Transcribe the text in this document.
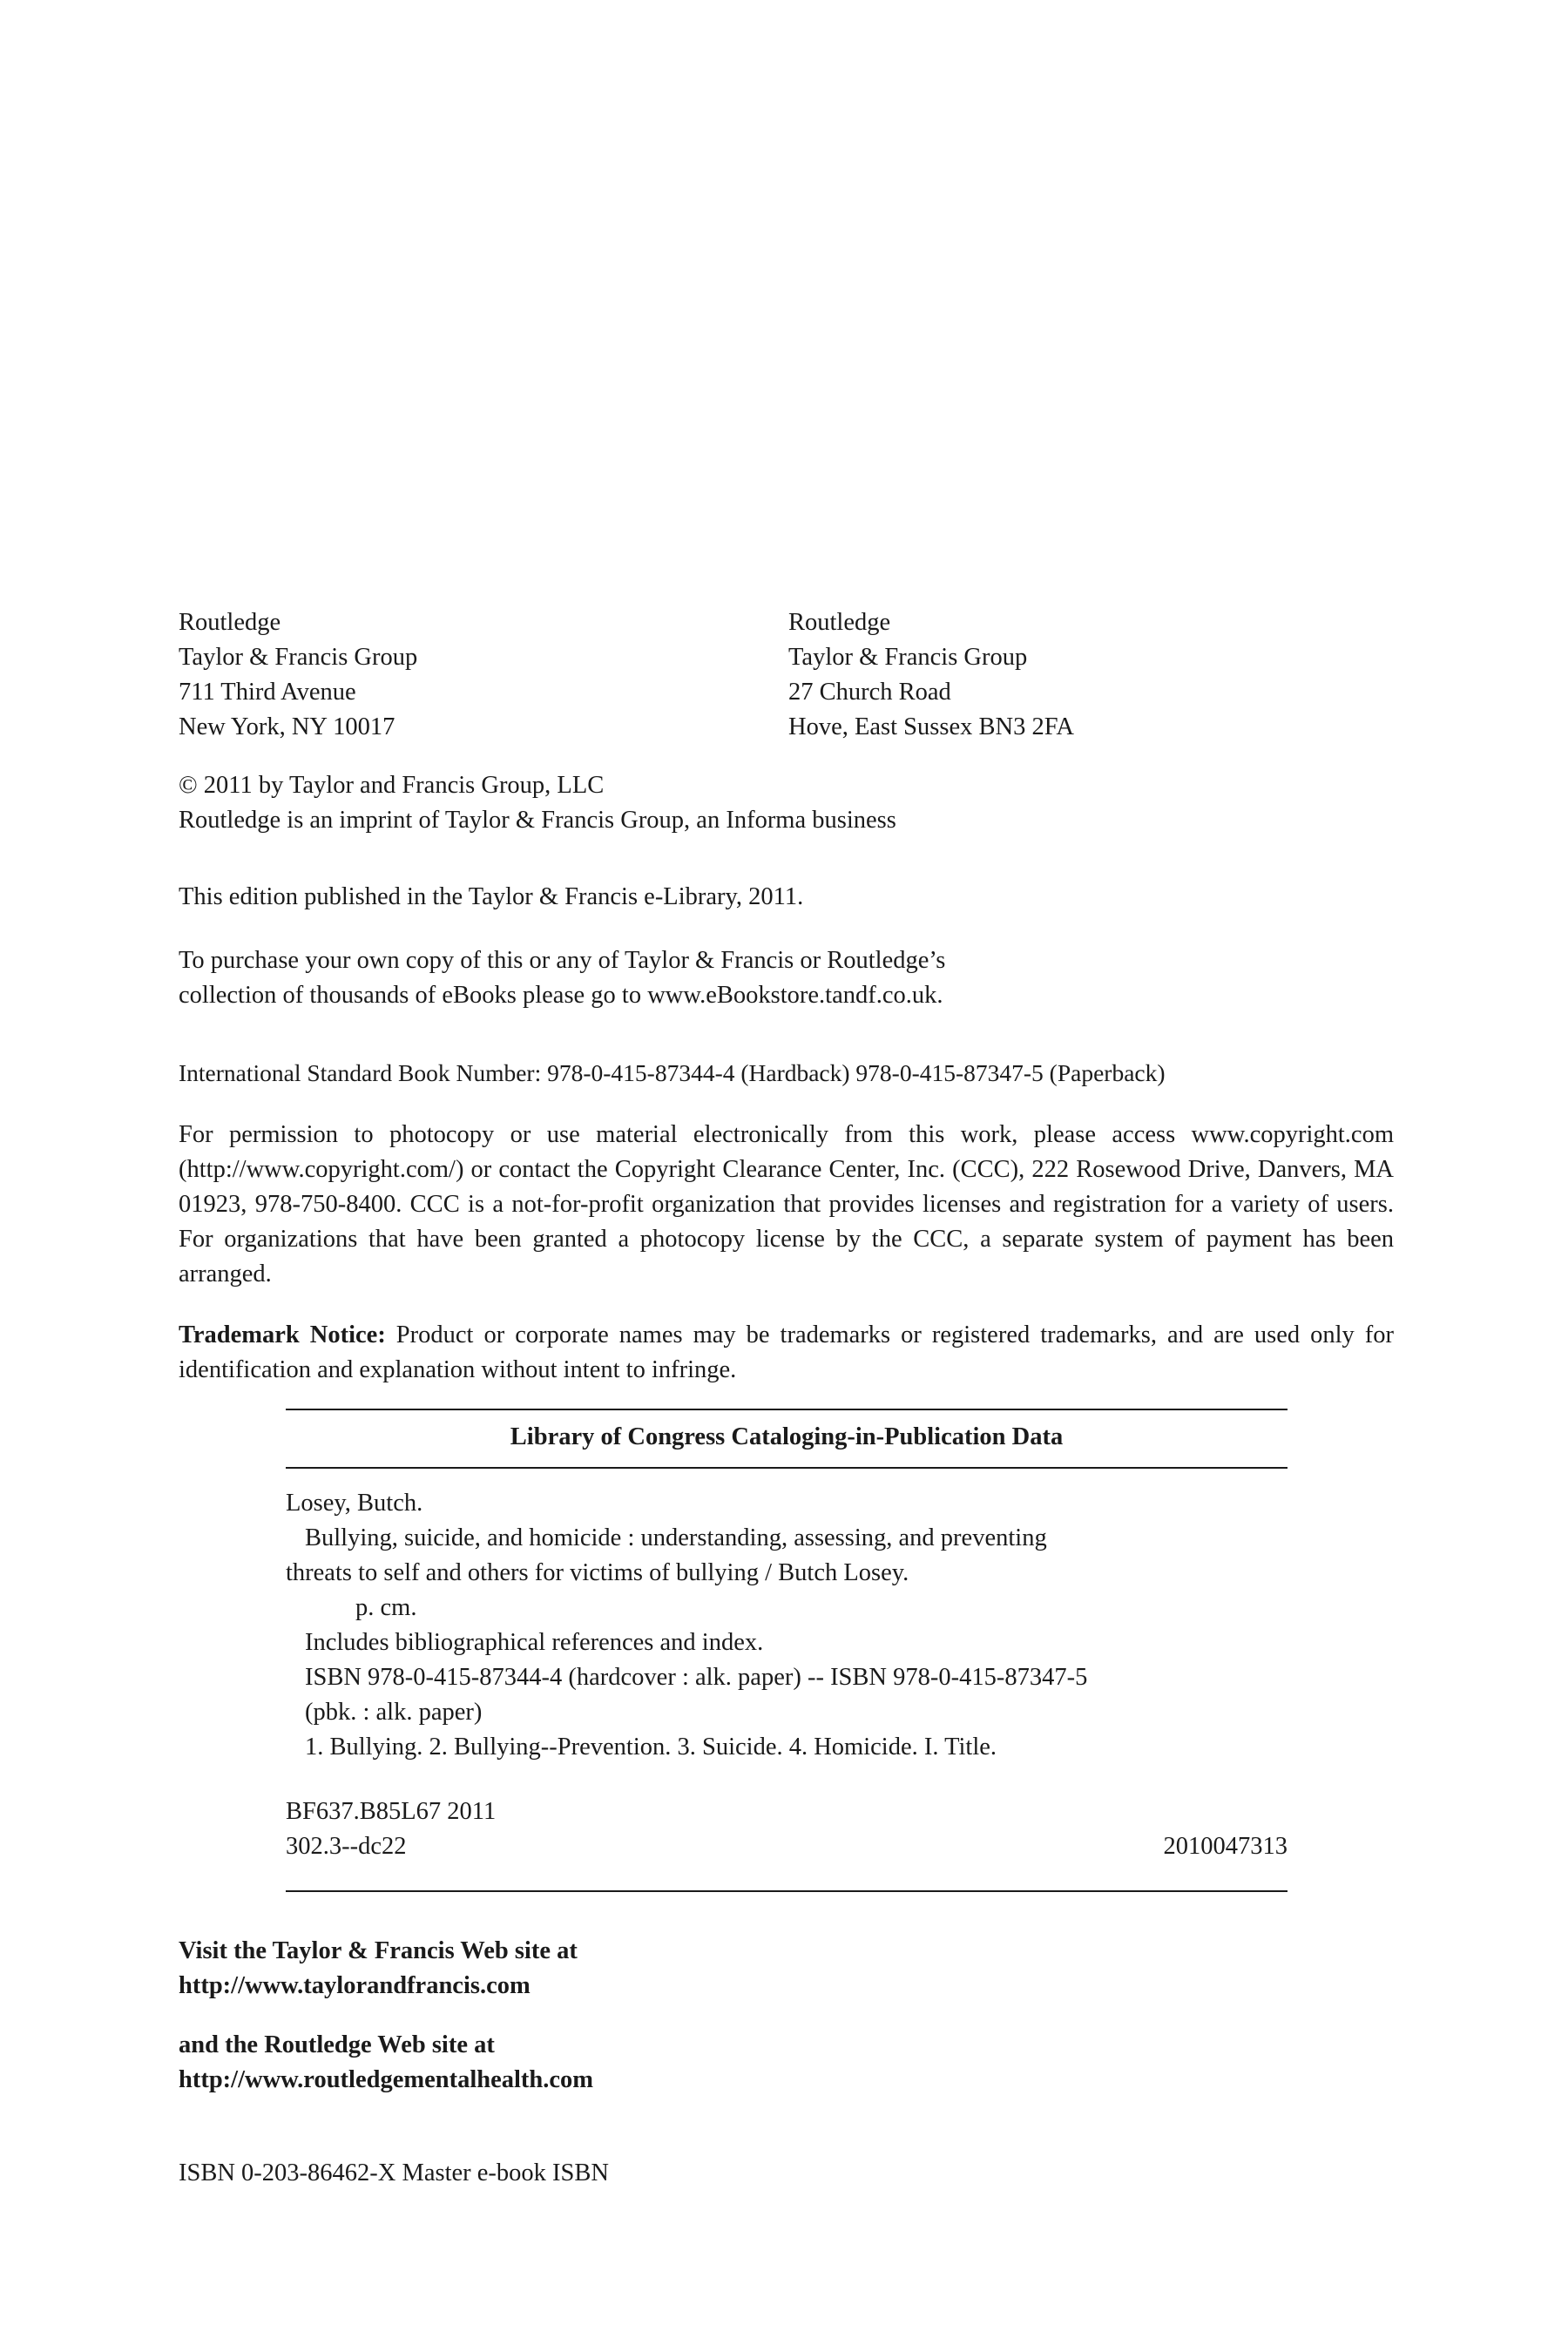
Routledge
Taylor & Francis Group
711 Third Avenue
New York, NY 10017
Routledge
Taylor & Francis Group
27 Church Road
Hove, East Sussex BN3 2FA
© 2011 by Taylor and Francis Group, LLC
Routledge is an imprint of Taylor & Francis Group, an Informa business
This edition published in the Taylor & Francis e-Library, 2011.
To purchase your own copy of this or any of Taylor & Francis or Routledge’s
collection of thousands of eBooks please go to www.eBookstore.tandf.co.uk.
International Standard Book Number: 978-0-415-87344-4 (Hardback) 978-0-415-87347-5 (Paperback)
For permission to photocopy or use material electronically from this work, please access www.copyright.com (http://www.copyright.com/) or contact the Copyright Clearance Center, Inc. (CCC), 222 Rosewood Drive, Danvers, MA 01923, 978-750-8400. CCC is a not-for-profit organization that provides licenses and registration for a variety of users. For organizations that have been granted a photocopy license by the CCC, a separate system of payment has been arranged.
Trademark Notice: Product or corporate names may be trademarks or registered trademarks, and are used only for identification and explanation without intent to infringe.
Library of Congress Cataloging-in-Publication Data
Losey, Butch.
Bullying, suicide, and homicide : understanding, assessing, and preventing
threats to self and others for victims of bullying / Butch Losey.
p. cm.
Includes bibliographical references and index.
ISBN 978-0-415-87344-4 (hardcover : alk. paper) -- ISBN 978-0-415-87347-5
(pbk. : alk. paper)
1. Bullying. 2. Bullying--Prevention. 3. Suicide. 4. Homicide. I. Title.
BF637.B85L67 2011
302.3--dc22	2010047313
Visit the Taylor & Francis Web site at
http://www.taylorandfrancis.com
and the Routledge Web site at
http://www.routledgementalhealth.com
ISBN 0-203-86462-X Master e-book ISBN
